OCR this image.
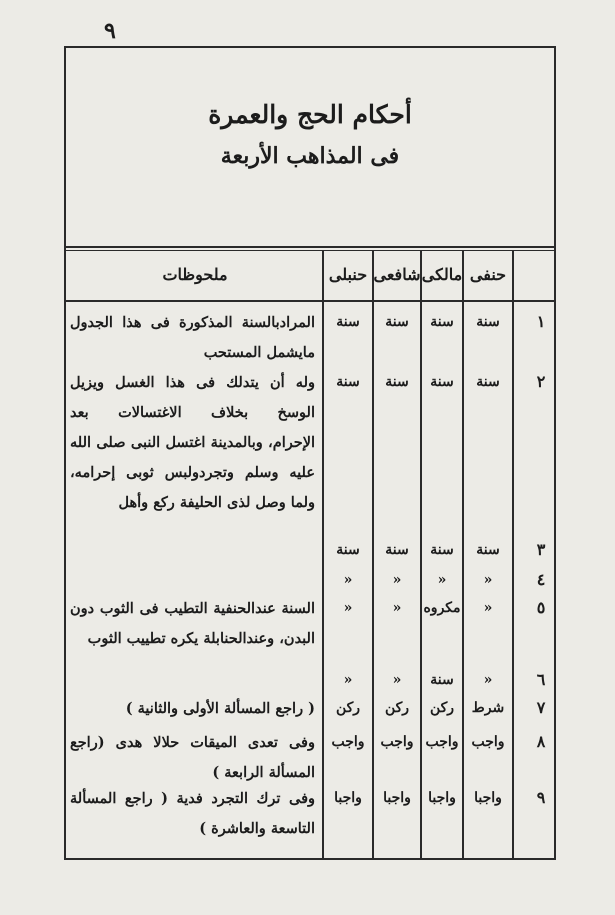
٩
أحكام الحج والعمرة
فى المذاهب الأربعة
ملحوظات	حنبلى شافعى مالكى حنفى
١
سنة	سنة	سنة	سنة
المرادبالسنة المذكورة فى هذا الجدول
مايشمل المستحب
٢
سنة	سنة	سنة	سنة
وله أن يتدلك فى هذا الغسل ويزيل
الوسخ بخلاف الاغتسالات بعد
الإحرام، وبالمدينة اغتسل النبى صلى الله
عليه وسلم وتجردولبس ثوبى إحرامه،
ولما وصل لذى الحليفة ركع وأهل
٣
سنة	سنة	سنة	سنة
٤
«	«	«	«
٥
«	«	مكروه	«
السنة عندالحنفية التطيب فى الثوب دون
البدن، وعندالحنابلة يكره تطييب الثوب
٦
«	«	سنة	«
٧
ركن	ركن	ركن	شرط
( راجع المسألة الأولى والثانية )
٨
واجب	واجب واجب واجب
وفى تعدى الميقات حلالا هدى (راجع
المسألة الرابعة )
٩
واجبا	واجبا	واجبا	واجبا
وفى ترك التجرد فدية ( راجع المسألة
التاسعة والعاشرة )
